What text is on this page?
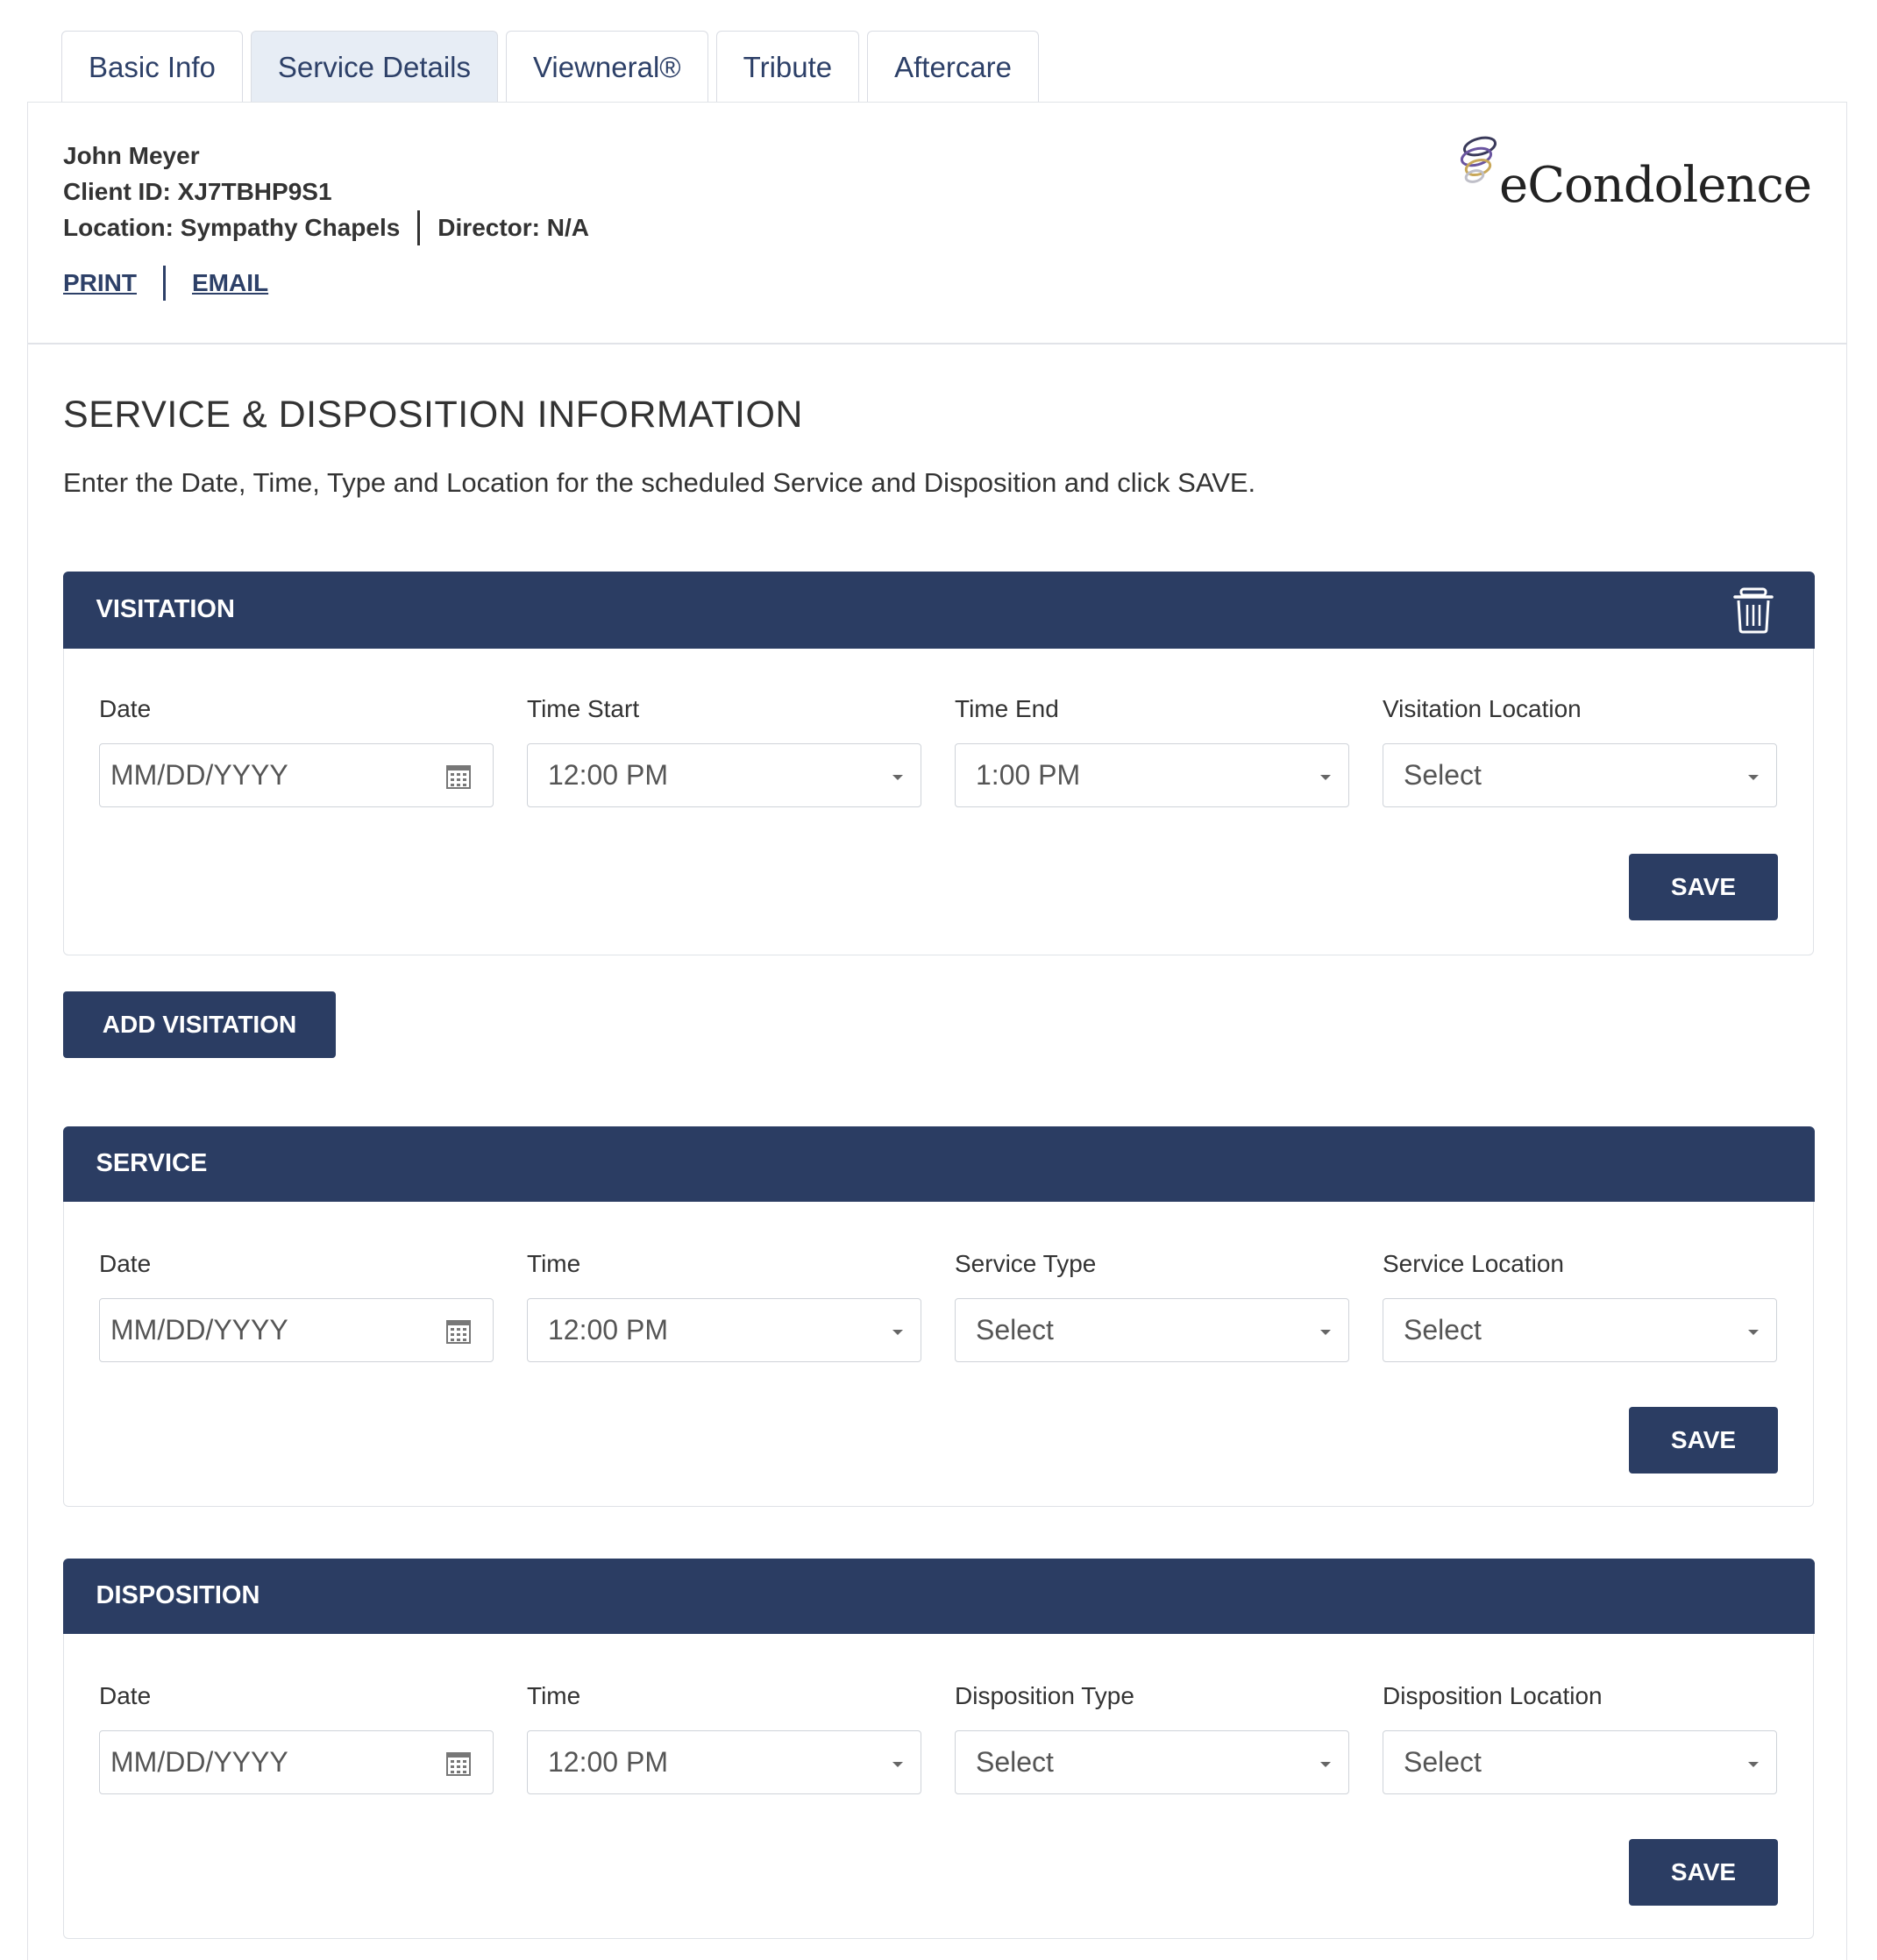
Basic Info	Service Details	Viewneral®	Tribute	Aftercare
John Meyer
Client ID: XJ7TBHP9S1
Location: Sympathy Chapels Director: N/A
PRINT EMAIL
eCondolence
SERVICE & DISPOSITION INFORMATION
Enter the Date, Time, Type and Location for the scheduled Service and Disposition and click SAVE.
VISITATION
Date
MM/DD/YYYY
Time Start
12:00 PM
Time End
1:00 PM
Visitation Location
Select
SAVE
ADD VISITATION
SERVICE
Date
MM/DD/YYYY
Time
12:00 PM
Service Type
Select
Service Location
Select
SAVE
DISPOSITION
Date
MM/DD/YYYY
Time
12:00 PM
Disposition Type
Select
Disposition Location
Select
SAVE
